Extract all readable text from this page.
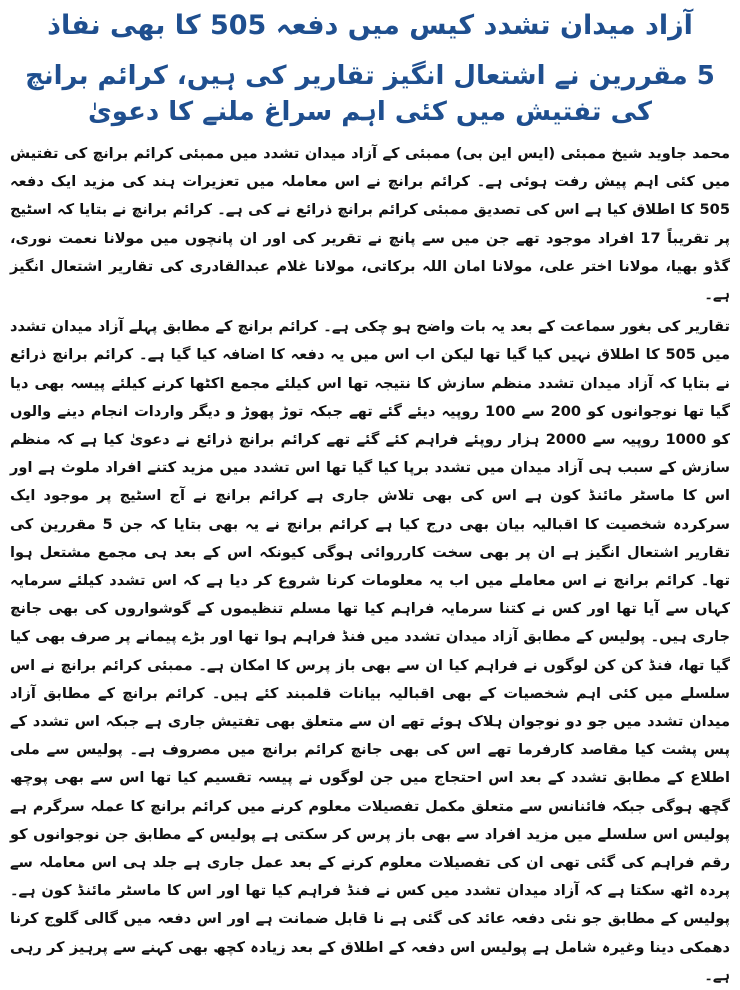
آزاد میدان تشدد کیس میں دفعہ 505 کا بھی نفاذ
5 مقررین نے اشتعال انگیز تقاریر کی ہیں، کرائم برانچ کی تفتیش میں کئی اہم سراغ ملنے کا دعویٰ

محمد جاوید شیخ ممبئی (ایس این بی) ممبئی کے آزاد میدان تشدد میں ممبئی کرائم برانچ کی تفتیش میں کئی اہم پیش رفت ہوئی ہے۔ کرائم برانچ نے اس معاملہ میں تعزیرات ہند کی مزید ایک دفعہ 505 کا اطلاق کیا ہے اس کی تصدیق ممبئی کرائم برانچ ذرائع نے کی ہے۔ کرائم برانچ نے بتایا کہ اسٹیج پر تقریباً 17 افراد موجود تھے جن میں سے پانچ نے تقریر کی اور ان پانچوں میں مولانا نعمت نوری، گڈو بھیا، مولانا اختر علی، مولانا امان اللہ برکاتی، مولانا غلام عبدالقادری کی تقاریر اشتعال انگیز ہے۔

تقاریر کی بغور سماعت کے بعد یہ بات واضح ہو چکی ہے۔ کرائم برانچ کے مطابق پہلے آزاد میدان تشدد میں 505 کا اطلاق نہیں کیا گیا تھا لیکن اب اس میں یہ دفعہ کا اضافہ کیا گیا ہے۔ کرائم برانچ ذرائع نے بتایا کہ آزاد میدان تشدد منظم سازش کا نتیجہ تھا اس کیلئے مجمع اکٹھا کرنے کیلئے پیسہ بھی دیا گیا تھا نوجوانوں کو 200 سے 100 روپیہ دیئے گئے تھے جبکہ توڑ پھوڑ و دیگر واردات انجام دینے والوں کو 1000 روپیہ سے 2000 ہزار روپئے فراہم کئے گئے تھے کرائم برانچ ذرائع نے دعویٰ کیا ہے کہ منظم سازش کے سبب ہی آزاد میدان میں تشدد برپا کیا گیا تھا اس تشدد میں مزید کتنے افراد ملوث ہے اور اس کا ماسٹر مائنڈ کون ہے اس کی بھی تلاش جاری ہے کرائم برانچ نے آج اسٹیج پر موجود ایک سرکردہ شخصیت کا اقبالیہ بیان بھی درج کیا ہے کرائم برانچ نے یہ بھی بتایا کہ جن 5 مقررین کی تقاریر اشتعال انگیز ہے ان پر بھی سخت کارروائی ہوگی کیونکہ اس کے بعد ہی مجمع مشتعل ہوا تھا۔ کرائم برانچ نے اس معاملے میں اب یہ معلومات کرنا شروع کر دیا ہے کہ اس تشدد کیلئے سرمایہ کہاں سے آیا تھا اور کس نے کتنا سرمایہ فراہم کیا تھا مسلم تنظیموں کے گوشواروں کی بھی جانچ جاری ہیں۔ پولیس کے مطابق آزاد میدان تشدد میں فنڈ فراہم ہوا تھا اور بڑے پیمانے پر صرف بھی کیا گیا تھا، فنڈ کن کن لوگوں نے فراہم کیا ان سے بھی باز پرس کا امکان ہے۔ ممبئی کرائم برانچ نے اس سلسلے میں کئی اہم شخصیات کے بھی اقبالیہ بیانات قلمبند کئے ہیں۔ کرائم برانچ کے مطابق آزاد میدان تشدد میں جو دو نوجوان ہلاک ہوئے تھے ان سے متعلق بھی تفتیش جاری ہے جبکہ اس تشدد کے پس پشت کیا مقاصد کارفرما تھے اس کی بھی جانچ کرائم برانچ میں مصروف ہے۔ پولیس سے ملی اطلاع کے مطابق تشدد کے بعد اس احتجاج میں جن لوگوں نے پیسہ تقسیم کیا تھا اس سے بھی پوچھ گچھ ہوگی جبکہ فائنانس سے متعلق مکمل تفصیلات معلوم کرنے میں کرائم برانچ کا عملہ سرگرم ہے پولیس اس سلسلے میں مزید افراد سے بھی باز پرس کر سکتی ہے پولیس کے مطابق جن نوجوانوں کو رقم فراہم کی گئی تھی ان کی تفصیلات معلوم کرنے کے بعد عمل جاری ہے جلد ہی اس معاملہ سے پردہ اٹھ سکتا ہے کہ آزاد میدان تشدد میں کس نے فنڈ فراہم کیا تھا اور اس کا ماسٹر مائنڈ کون ہے۔ پولیس کے مطابق جو نئی دفعہ عائد کی گئی ہے نا قابل ضمانت ہے اور اس دفعہ میں گالی گلوج کرنا دھمکی دینا وغیرہ شامل ہے پولیس اس دفعہ کے اطلاق کے بعد زیادہ کچھ بھی کہنے سے پرہیز کر رہی ہے۔
